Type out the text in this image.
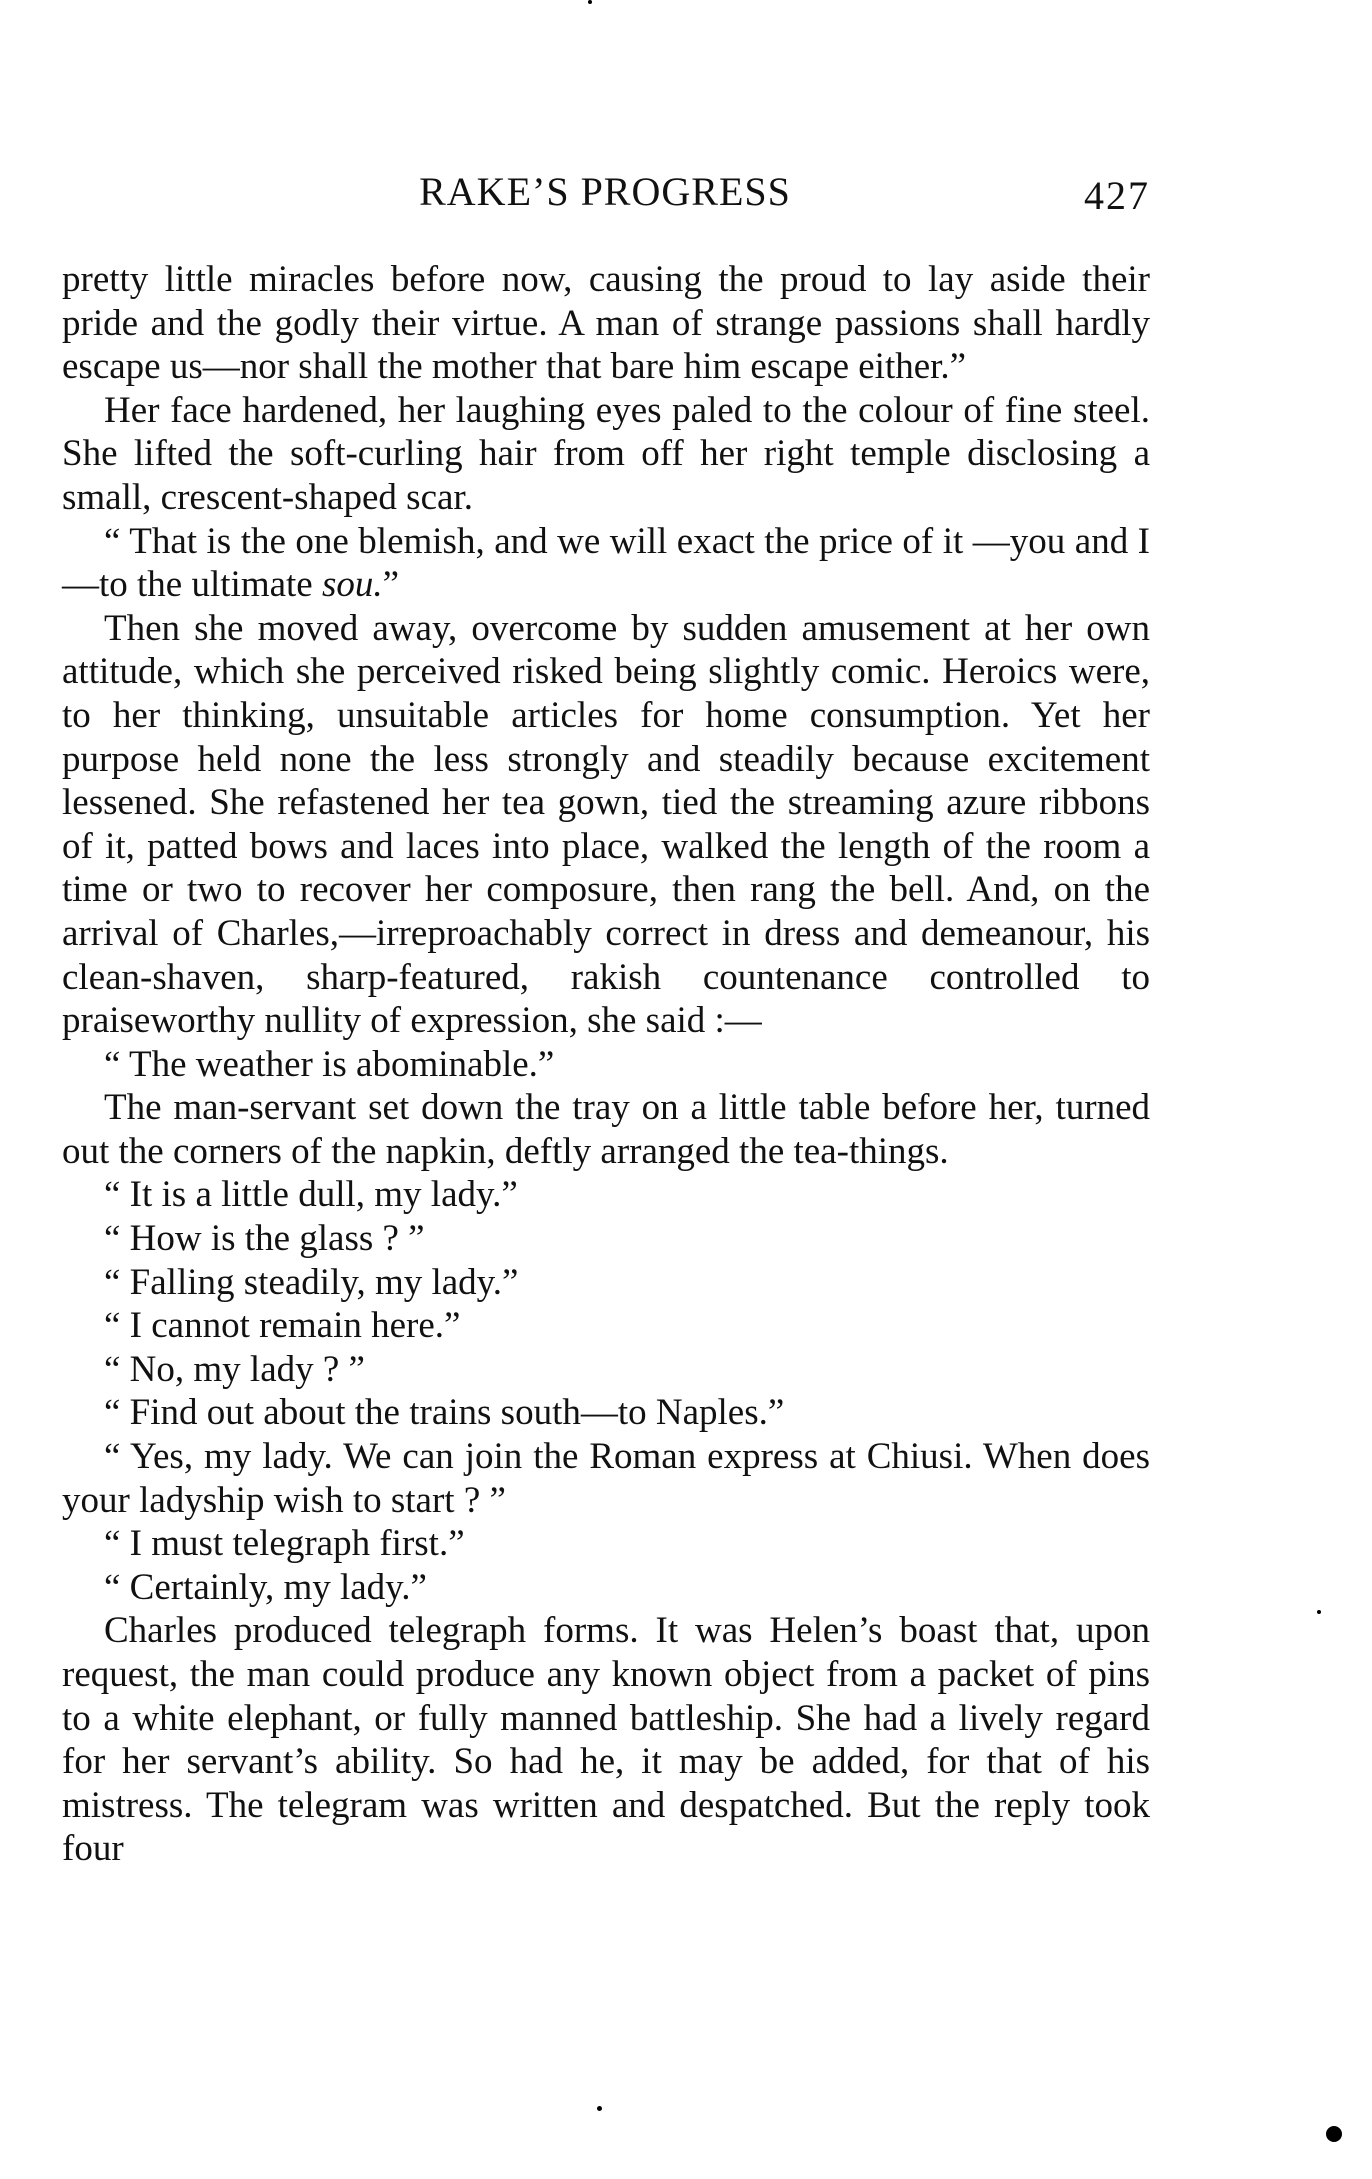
RAKE’S PROGRESS	427

pretty little miracles before now, causing the proud to lay aside their pride and the godly their virtue. A man of strange passions shall hardly escape us—nor shall the mother that bare him escape either.”

Her face hardened, her laughing eyes paled to the colour of fine steel. She lifted the soft-curling hair from off her right temple disclosing a small, crescent-shaped scar.

“ That is the one blemish, and we will exact the price of it —you and I—to the ultimate sou.”

Then she moved away, overcome by sudden amusement at her own attitude, which she perceived risked being slightly comic. Heroics were, to her thinking, unsuitable articles for home consumption. Yet her purpose held none the less strongly and steadily because excitement lessened. She refastened her tea gown, tied the streaming azure ribbons of it, patted bows and laces into place, walked the length of the room a time or two to recover her composure, then rang the bell. And, on the arrival of Charles,—irreproachably correct in dress and demeanour, his clean-shaven, sharp-featured, rakish countenance controlled to praiseworthy nullity of expression, she said :—

“ The weather is abominable.”

The man-servant set down the tray on a little table before her, turned out the corners of the napkin, deftly arranged the tea-things.

“ It is a little dull, my lady.”

“ How is the glass ? ”

“ Falling steadily, my lady.”

“ I cannot remain here.”

“ No, my lady ? ”

“ Find out about the trains south—to Naples.”

“ Yes, my lady. We can join the Roman express at Chiusi. When does your ladyship wish to start ? ”

“ I must telegraph first.”

“ Certainly, my lady.”

Charles produced telegraph forms. It was Helen’s boast that, upon request, the man could produce any known object from a packet of pins to a white elephant, or fully manned battleship. She had a lively regard for her servant’s ability. So had he, it may be added, for that of his mistress. The telegram was written and despatched. But the reply took four
